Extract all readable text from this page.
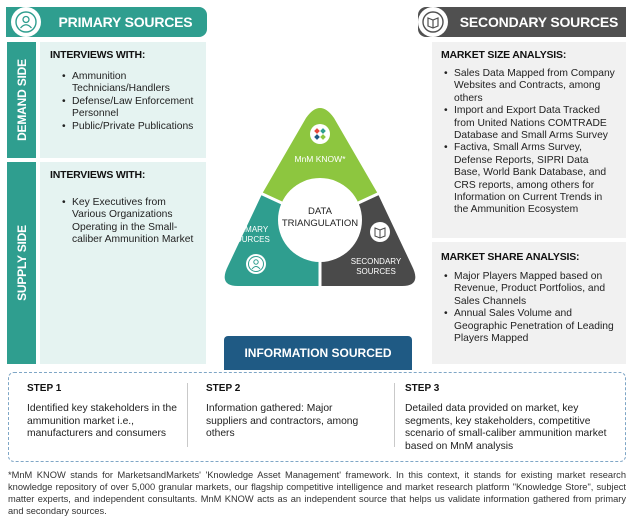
PRIMARY SOURCES	SECONDARY SOURCES
DEMAND SIDE
INTERVIEWS WITH:
• Ammunition Technicians/Handlers
• Defense/Law Enforcement Personnel
• Public/Private Publications
SUPPLY SIDE
INTERVIEWS WITH:
• Key Executives from Various Organizations Operating in the Small-caliber Ammunition Market
MARKET SIZE ANALYSIS:
• Sales Data Mapped from Company Websites and Contracts, among others
• Import and Export Data Tracked from United Nations COMTRADE Database and Small Arms Survey
• Factiva, Small Arms Survey, Defense Reports, SIPRI Data Base, World Bank Database, and CRS reports, among others for Information on Current Trends in the Ammunition Ecosystem
MARKET SHARE ANALYSIS:
• Major Players Mapped based on Revenue, Product Portfolios, and Sales Channels
• Annual Sales Volume and Geographic Penetration of Leading Players Mapped
DATA
TRIANGULATION
MnM KNOW*
PRIMARY
SOURCES
SECONDARY
SOURCES
INFORMATION SOURCED
STEP 1
Identified key stakeholders in the ammunition market i.e., manufacturers and consumers
STEP 2
Information gathered: Major suppliers and contractors, among others
STEP 3
Detailed data provided on market, key segments, key stakeholders, competitive scenario of small-caliber ammunition market based on MnM analysis
*MnM KNOW stands for MarketsandMarkets' 'Knowledge Asset Management' framework. In this context, it stands for existing market research knowledge repository of over 5,000 granular markets, our flagship competitive intelligence and market research platform "Knowledge Store", subject matter experts, and independent consultants. MnM KNOW acts as an independent source that helps us validate information gathered from primary and secondary sources.
